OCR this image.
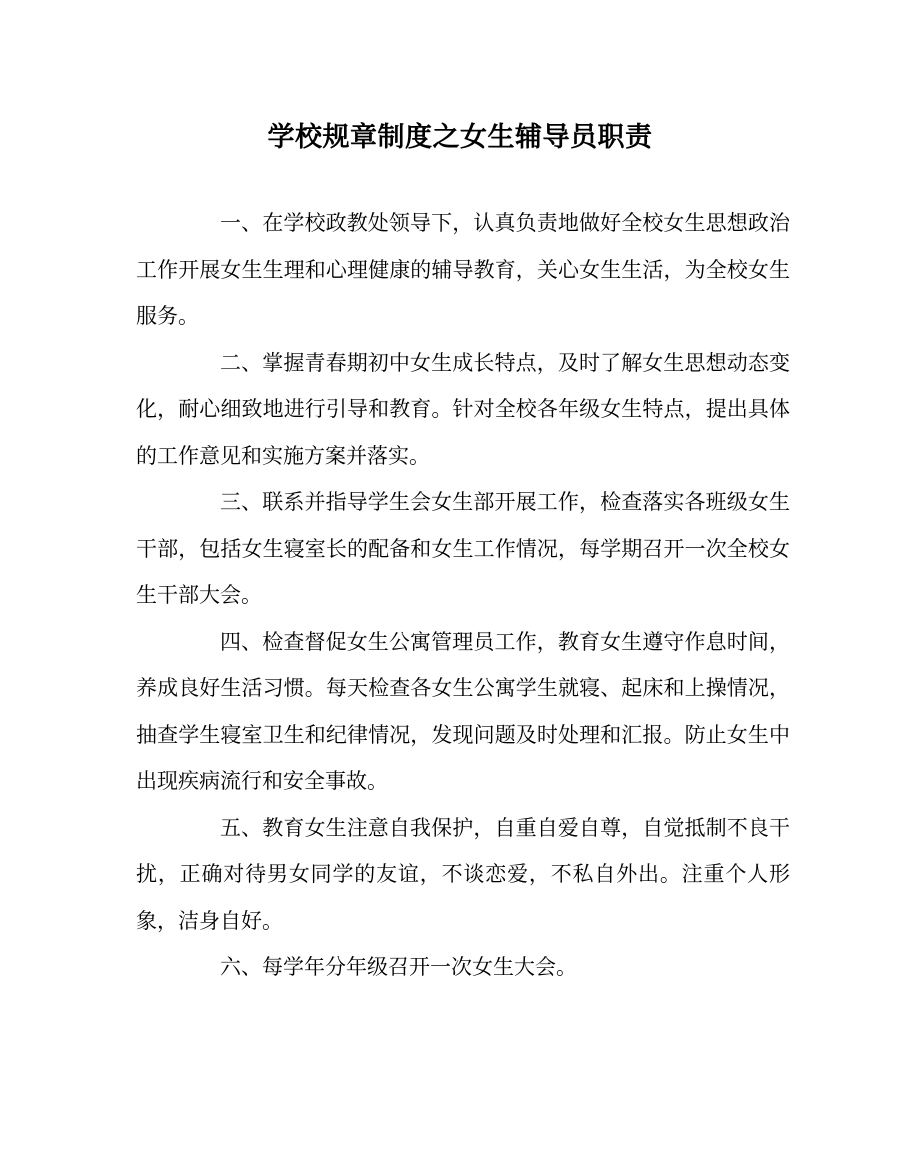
学校规章制度之女生辅导员职责

一、在学校政教处领导下，认真负责地做好全校女生思想政治工作开展女生生理和心理健康的辅导教育，关心女生生活，为全校女生服务。

二、掌握青春期初中女生成长特点，及时了解女生思想动态变化，耐心细致地进行引导和教育。针对全校各年级女生特点，提出具体的工作意见和实施方案并落实。

三、联系并指导学生会女生部开展工作，检查落实各班级女生干部，包括女生寝室长的配备和女生工作情况，每学期召开一次全校女生干部大会。

四、检查督促女生公寓管理员工作，教育女生遵守作息时间，养成良好生活习惯。每天检查各女生公寓学生就寝、起床和上操情况，抽查学生寝室卫生和纪律情况，发现问题及时处理和汇报。防止女生中出现疾病流行和安全事故。

五、教育女生注意自我保护，自重自爱自尊，自觉抵制不良干扰，正确对待男女同学的友谊，不谈恋爱，不私自外出。注重个人形象，洁身自好。

六、每学年分年级召开一次女生大会。
